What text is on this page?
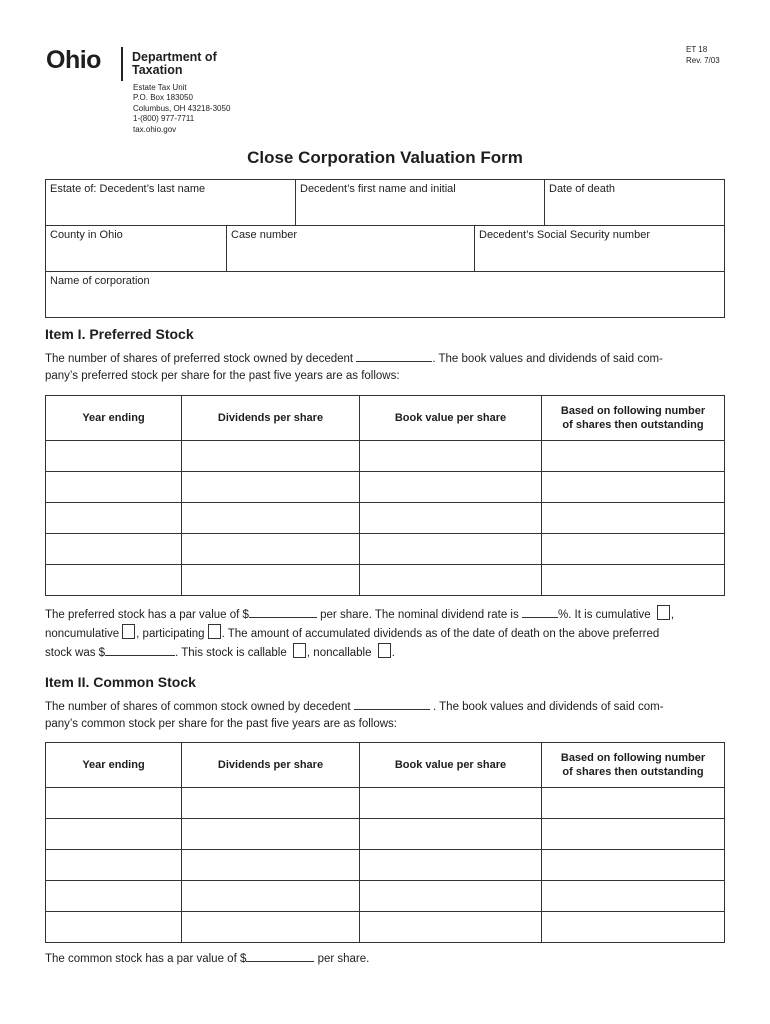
Ohio Department of
Taxation
Estate Tax Unit
P.O. Box 183050
Columbus, OH 43218-3050
1-(800) 977-7711
tax.ohio.gov
ET 18
Rev. 7/03
Close Corporation Valuation Form
Estate of: Decedent’s last name	Decedent’s first name and initial	Date of death
County in Ohio	Case number	Decedent’s Social Security number
Name of corporation
Item I. Preferred Stock
The number of shares of preferred stock owned by decedent	. The book values and dividends of said com-
pany’s preferred stock per share for the past five years are as follows:
Year ending	Dividends per share	Book value per share	Based on following number
of shares then outstanding

The preferred stock has a par value of $	per share. The nominal dividend rate is	%. It is cumulative ,
noncumulative , participating . The amount of accumulated dividends as of the date of death on the above preferred
stock was $	. This stock is callable , noncallable .
Item II. Common Stock
The number of shares of common stock owned by decedent	. The book values and dividends of said com-
pany’s common stock per share for the past five years are as follows:
Year ending	Dividends per share	Book value per share	Based on following number
of shares then outstanding

The common stock has a par value of $	per share.
